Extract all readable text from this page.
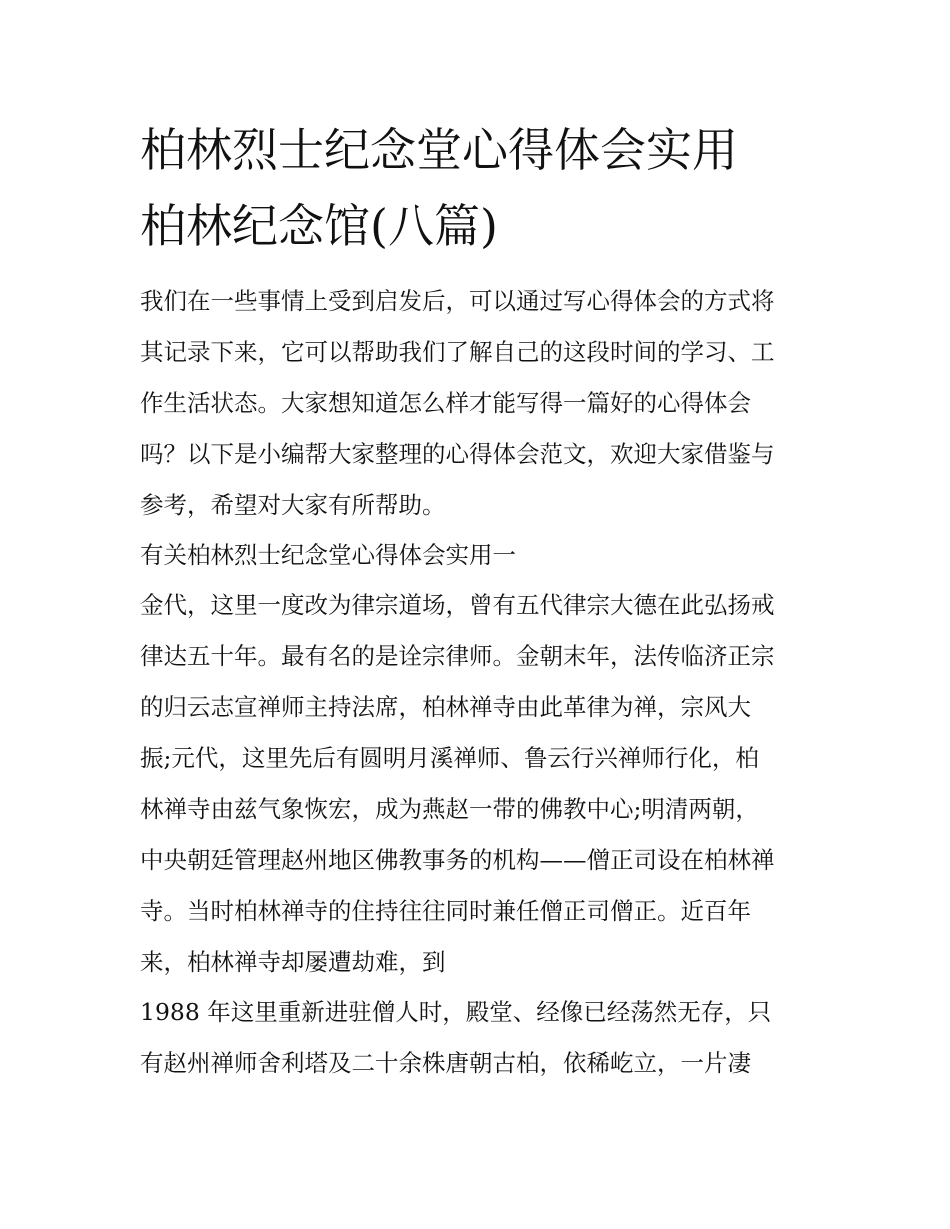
柏林烈士纪念堂心得体会实用
柏林纪念馆(八篇)
我们在一些事情上受到启发后，可以通过写心得体会的方式将
其记录下来，它可以帮助我们了解自己的这段时间的学习、工
作生活状态。大家想知道怎么样才能写得一篇好的心得体会
吗？以下是小编帮大家整理的心得体会范文，欢迎大家借鉴与
参考，希望对大家有所帮助。
有关柏林烈士纪念堂心得体会实用一
金代，这里一度改为律宗道场，曾有五代律宗大德在此弘扬戒
律达五十年。最有名的是诠宗律师。金朝末年，法传临济正宗
的归云志宣禅师主持法席，柏林禅寺由此革律为禅，宗风大
振;元代，这里先后有圆明月溪禅师、鲁云行兴禅师行化，柏
林禅寺由兹气象恢宏，成为燕赵一带的佛教中心;明清两朝，
中央朝廷管理赵州地区佛教事务的机构——僧正司设在柏林禅
寺。当时柏林禅寺的住持往往同时兼任僧正司僧正。近百年
来，柏林禅寺却屡遭劫难，到
1988 年这里重新进驻僧人时，殿堂、经像已经荡然无存，只
有赵州禅师舍利塔及二十余株唐朝古柏，依稀屹立，一片凄
